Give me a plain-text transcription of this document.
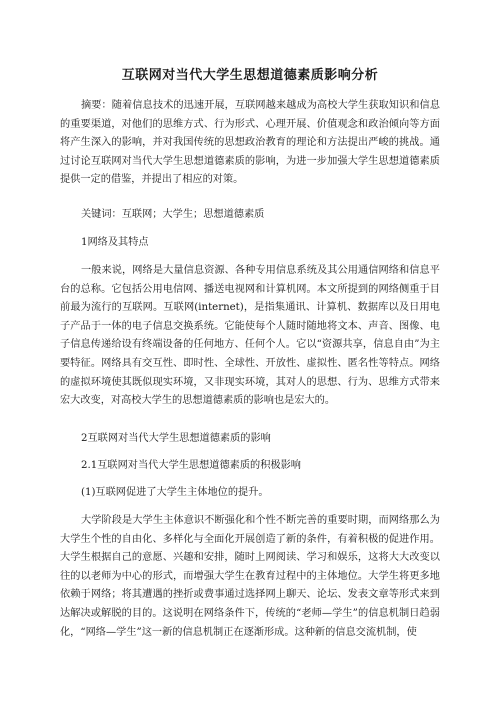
互联网对当代大学生思想道德素质影响分析

摘要：随着信息技术的迅速开展，互联网越来越成为高校大学生获取知识和信息的重要渠道，对他们的思维方式、行为形式、心理开展、价值观念和政治倾向等方面将产生深入的影响，并对我国传统的思想政治教育的理论和方法提出严峻的挑战。通过讨论互联网对当代大学生思想道德素质的影响，为进一步加强大学生思想道德素质提供一定的借鉴，并提出了相应的对策。

关键词：互联网；大学生；思想道德素质

1网络及其特点

一般来说，网络是大量信息资源、各种专用信息系统及其公用通信网络和信息平台的总称。它包括公用电信网、播送电视网和计算机网。本文所提到的网络侧重于目前最为流行的互联网。互联网(internet)，是指集通讯、计算机、数据库以及日用电子产品于一体的电子信息交换系统。它能使每个人随时随地将文本、声音、图像、电子信息传递给设有终端设备的任何地方、任何个人。它以“资源共享，信息自由”为主要特征。网络具有交互性、即时性、全球性、开放性、虚拟性、匿名性等特点。网络的虚拟环境使其既似现实环境，又非现实环境，其对人的思想、行为、思维方式带来宏大改变，对高校大学生的思想道德素质的影响也是宏大的。

2互联网对当代大学生思想道德素质的影响

2.1互联网对当代大学生思想道德素质的积极影响

(1)互联网促进了大学生主体地位的提升。

大学阶段是大学生主体意识不断强化和个性不断完善的重要时期，而网络那么为大学生个性的自由化、多样化与全面化开展创造了新的条件，有着积极的促进作用。大学生根据自己的意愿、兴趣和安排，随时上网阅读、学习和娱乐，这将大大改变以往的以老师为中心的形式，而增强大学生在教育过程中的主体地位。大学生将更多地依赖于网络；将其遭遇的挫折或费事通过选择网上聊天、论坛、发表文章等形式来到达解决或解脱的目的。这说明在网络条件下，传统的“老师—学生”的信息机制日趋弱化，“网络—学生”这一新的信息机制正在逐渐形成。这种新的信息交流机制，使
